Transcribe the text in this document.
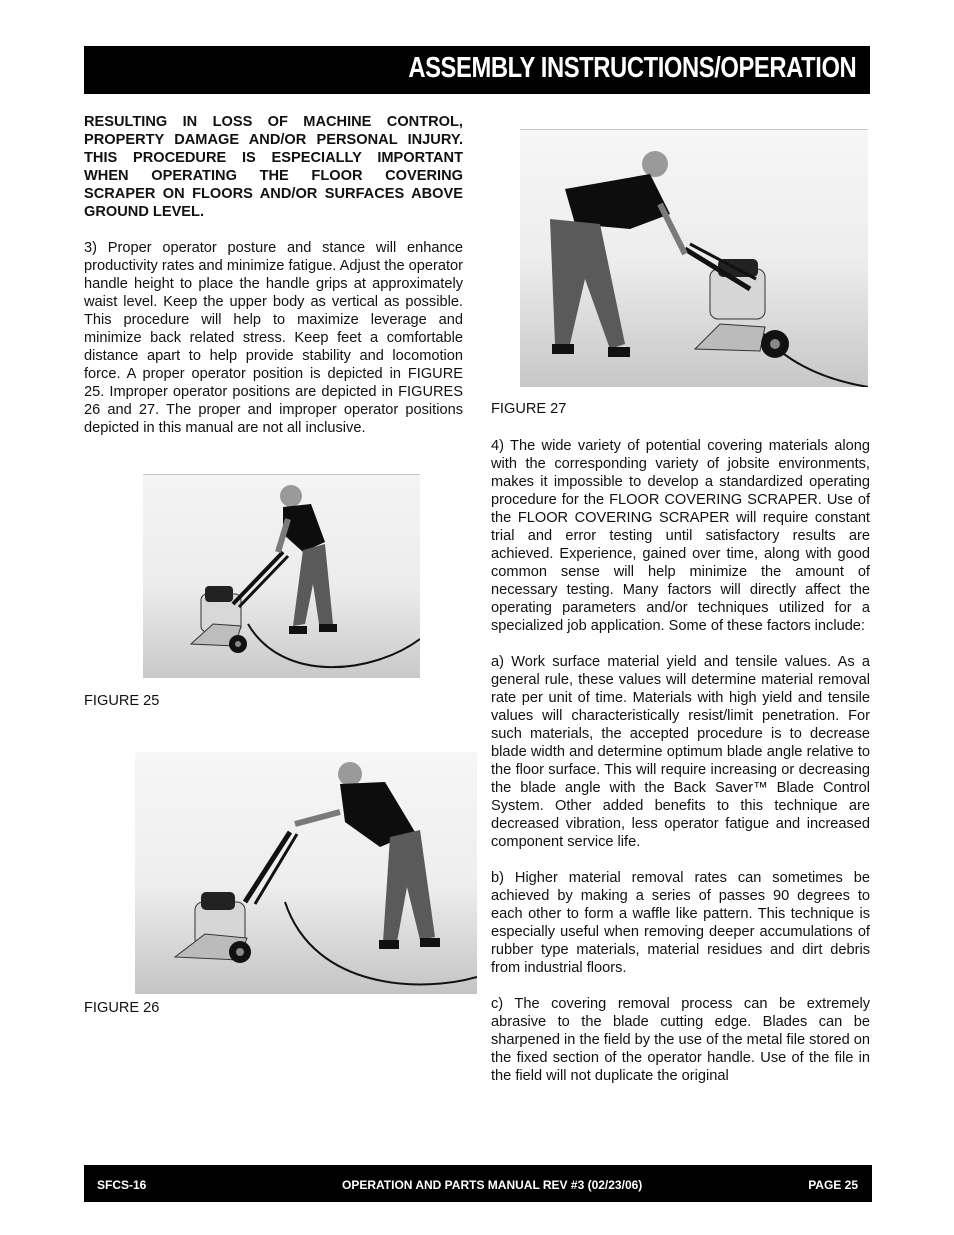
ASSEMBLY INSTRUCTIONS/OPERATION

RESULTING IN LOSS OF MACHINE CONTROL, PROPERTY DAMAGE AND/OR PERSONAL INJURY. THIS PROCEDURE IS ESPECIALLY IMPORTANT WHEN OPERATING THE FLOOR COVERING SCRAPER ON FLOORS AND/OR SURFACES ABOVE GROUND LEVEL.

3) Proper operator posture and stance will enhance productivity rates and minimize fatigue. Adjust the operator handle height to place the handle grips at approximately waist level. Keep the upper body as vertical as possible. This procedure will help to maximize leverage and minimize back related stress. Keep feet a comfortable distance apart to help provide stability and locomotion force. A proper operator position is depicted in FIGURE 25. Improper operator positions are depicted in FIGURES 26 and 27. The proper and improper operator positions depicted in this manual are not all inclusive.

FIGURE 25
FIGURE 26
FIGURE 27

4) The wide variety of potential covering materials along with the corresponding variety of jobsite environments, makes it impossible to develop a standardized operating procedure for the FLOOR COVERING SCRAPER. Use of the FLOOR COVERING SCRAPER will require constant trial and error testing until satisfactory results are achieved. Experience, gained over time, along with good common sense will help minimize the amount of necessary testing. Many factors will directly affect the operating parameters and/or techniques utilized for a specialized job application. Some of these factors include:

a) Work surface material yield and tensile values. As a general rule, these values will determine material removal rate per unit of time. Materials with high yield and tensile values will characteristically resist/limit penetration. For such materials, the accepted procedure is to decrease blade width and determine optimum blade angle relative to the floor surface. This will require increasing or decreasing the blade angle with the Back Saver™ Blade Control System. Other added benefits to this technique are decreased vibration, less operator fatigue and increased component service life.

b) Higher material removal rates can sometimes be achieved by making a series of passes 90 degrees to each other to form a waffle like pattern. This technique is especially useful when removing deeper accumulations of rubber type materials, material residues and dirt debris from industrial floors.

c) The covering removal process can be extremely abrasive to the blade cutting edge. Blades can be sharpened in the field by the use of the metal file stored on the fixed section of the operator handle. Use of the file in the field will not duplicate the original

SFCS-16	OPERATION AND PARTS MANUAL REV #3 (02/23/06)	PAGE 25
